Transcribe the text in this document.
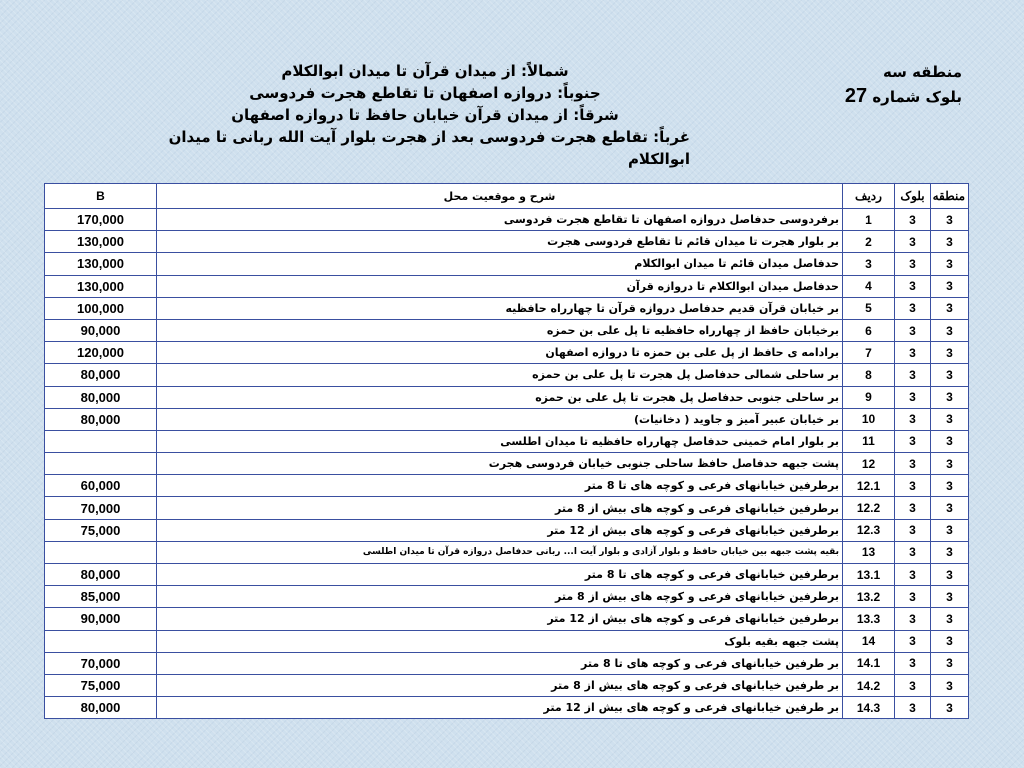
منطقه سه
بلوک شماره 27
شمالاً: از میدان قرآن تا میدان ابوالکلام
جنوباً: دروازه اصفهان تا تقاطع هجرت فردوسی
شرقاً: از میدان قرآن خیابان حافظ تا دروازه اصفهان
غرباً: تقاطع هجرت فردوسی بعد از هجرت بلوار آیت الله ربانی تا میدان ابوالکلام
منطقه	بلوک	ردیف	شرح و موقعیت محل	B
3	3	1	برفردوسی حدفاصل دروازه اصفهان تا تقاطع هجرت فردوسی	170,000
3	3	2	بر بلوار هجرت تا میدان قائم تا تقاطع فردوسی هجرت	130,000
3	3	3	حدفاصل میدان قائم تا میدان ابوالکلام	130,000
3	3	4	حدفاصل میدان ابوالکلام تا دروازه قرآن	130,000
3	3	5	بر خیابان قرآن قدیم حدفاصل دروازه قرآن تا چهارراه حافظیه	100,000
3	3	6	برخیابان حافظ از چهارراه حافظیه تا پل علی بن حمزه	90,000
3	3	7	برادامه ی حافظ از پل علی بن حمزه تا دروازه اصفهان	120,000
3	3	8	بر ساحلی شمالی حدفاصل پل هجرت تا پل علی بن حمزه	80,000
3	3	9	بر ساحلی جنوبی حدفاصل پل هجرت تا پل علی بن حمزه	80,000
3	3	10	بر خیابان عبیر آمیز و جاوید ( دخانیات)	80,000
3	3	11	بر بلوار امام خمینی حدفاصل چهارراه حافظیه تا میدان اطلسی	
3	3	12	پشت جبهه حدفاصل حافظ ساحلی جنوبی خیابان فردوسی هجرت	
3	3	12.1	برطرفین خیابانهای فرعی و کوچه های تا 8 متر	60,000
3	3	12.2	برطرفین خیابانهای فرعی و کوچه های بیش از 8 متر	70,000
3	3	12.3	برطرفین خیابانهای فرعی و کوچه های بیش از 12 متر	75,000
3	3	13	بقیه پشت جبهه بین خیابان حافظ و بلوار آزادی و بلوار آیت ا... ربانی حدفاصل دروازه قرآن تا میدان اطلسی	
3	3	13.1	برطرفین خیابانهای فرعی و کوچه های تا 8 متر	80,000
3	3	13.2	برطرفین خیابانهای فرعی و کوچه های بیش از 8 متر	85,000
3	3	13.3	برطرفین خیابانهای فرعی و کوچه های بیش از 12 متر	90,000
3	3	14	پشت جبهه بقیه بلوک	
3	3	14.1	بر طرفین خیابانهای فرعی و کوچه های تا 8 متر	70,000
3	3	14.2	بر طرفین خیابانهای فرعی و کوچه های بیش از 8 متر	75,000
3	3	14.3	بر طرفین خیابانهای فرعی و کوچه های بیش از 12 متر	80,000
